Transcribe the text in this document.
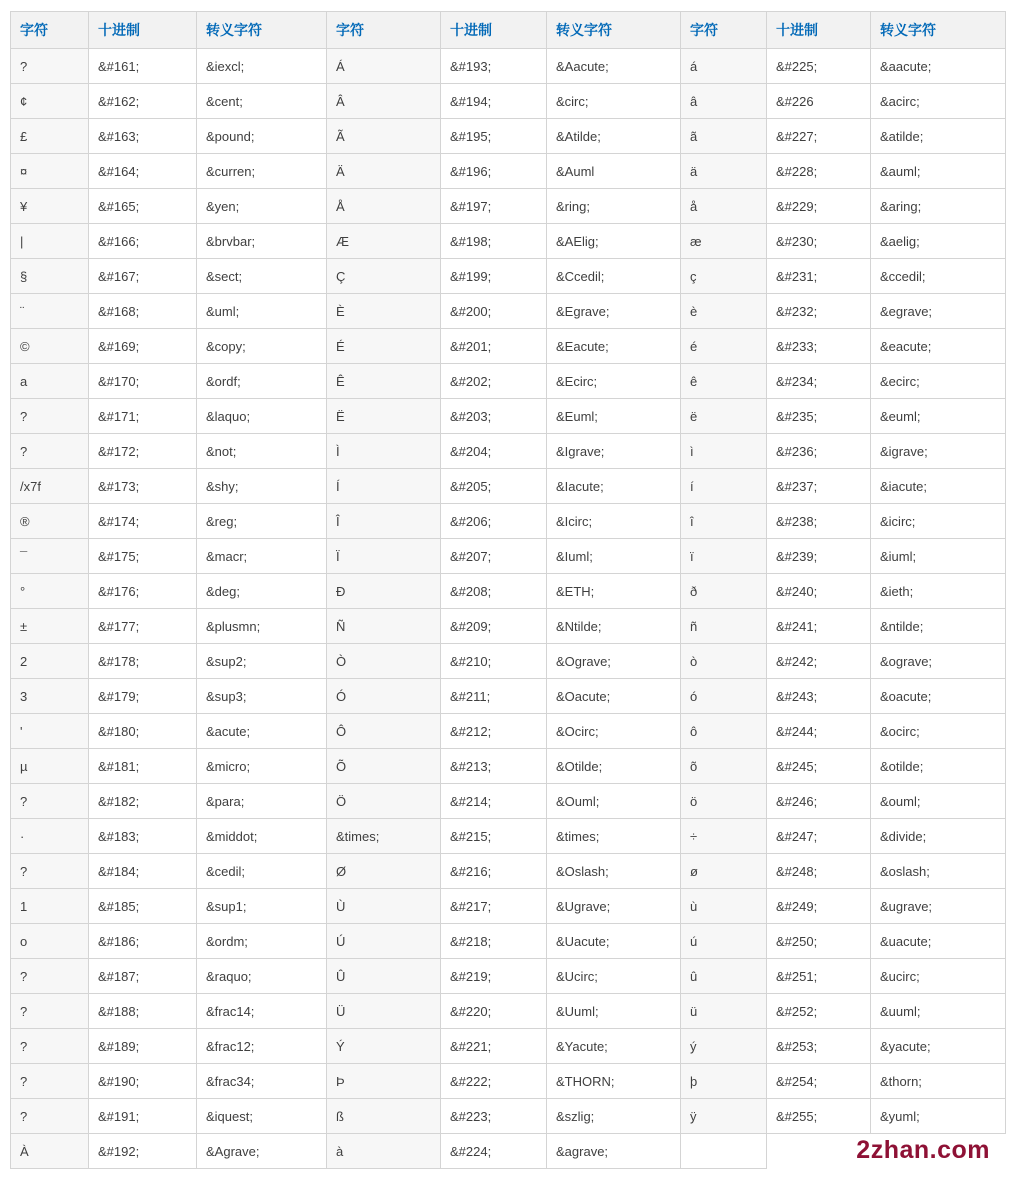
字符	十进制	转义字符	字符	十进制	转义字符	字符	十进制	转义字符
?	&#161;	&iexcl;	Á	&#193;	&Aacute;	á	&#225;	&aacute;
¢	&#162;	&cent;	Â	&#194;	&circ;	â	&#226	&acirc;
£	&#163;	&pound;	Ã	&#195;	&Atilde;	ã	&#227;	&atilde;
¤	&#164;	&curren;	Ä	&#196;	&Auml	ä	&#228;	&auml;
¥	&#165;	&yen;	Å	&#197;	&ring;	å	&#229;	&aring;
|	&#166;	&brvbar;	Æ	&#198;	&AElig;	æ	&#230;	&aelig;
§	&#167;	&sect;	Ç	&#199;	&Ccedil;	ç	&#231;	&ccedil;
¨	&#168;	&uml;	È	&#200;	&Egrave;	è	&#232;	&egrave;
©	&#169;	&copy;	É	&#201;	&Eacute;	é	&#233;	&eacute;
a	&#170;	&ordf;	Ê	&#202;	&Ecirc;	ê	&#234;	&ecirc;
?	&#171;	&laquo;	Ë	&#203;	&Euml;	ë	&#235;	&euml;
?	&#172;	&not;	Ì	&#204;	&Igrave;	ì	&#236;	&igrave;
/x7f	&#173;	&shy;	Í	&#205;	&Iacute;	í	&#237;	&iacute;
®	&#174;	&reg;	Î	&#206;	&Icirc;	î	&#238;	&icirc;
¯	&#175;	&macr;	Ï	&#207;	&Iuml;	ï	&#239;	&iuml;
°	&#176;	&deg;	Ð	&#208;	&ETH;	ð	&#240;	&ieth;
±	&#177;	&plusmn;	Ñ	&#209;	&Ntilde;	ñ	&#241;	&ntilde;
2	&#178;	&sup2;	Ò	&#210;	&Ograve;	ò	&#242;	&ograve;
3	&#179;	&sup3;	Ó	&#211;	&Oacute;	ó	&#243;	&oacute;
'	&#180;	&acute;	Ô	&#212;	&Ocirc;	ô	&#244;	&ocirc;
µ	&#181;	&micro;	Õ	&#213;	&Otilde;	õ	&#245;	&otilde;
?	&#182;	&para;	Ö	&#214;	&Ouml;	ö	&#246;	&ouml;
·	&#183;	&middot;	&times;	&#215;	&times;	÷	&#247;	&divide;
?	&#184;	&cedil;	Ø	&#216;	&Oslash;	ø	&#248;	&oslash;
1	&#185;	&sup1;	Ù	&#217;	&Ugrave;	ù	&#249;	&ugrave;
o	&#186;	&ordm;	Ú	&#218;	&Uacute;	ú	&#250;	&uacute;
?	&#187;	&raquo;	Û	&#219;	&Ucirc;	û	&#251;	&ucirc;
?	&#188;	&frac14;	Ü	&#220;	&Uuml;	ü	&#252;	&uuml;
?	&#189;	&frac12;	Ý	&#221;	&Yacute;	ý	&#253;	&yacute;
?	&#190;	&frac34;	Þ	&#222;	&THORN;	þ	&#254;	&thorn;
?	&#191;	&iquest;	ß	&#223;	&szlig;	ÿ	&#255;	&yuml;
À	&#192;	&Agrave;	à	&#224;	&agrave;				2zhan.com
